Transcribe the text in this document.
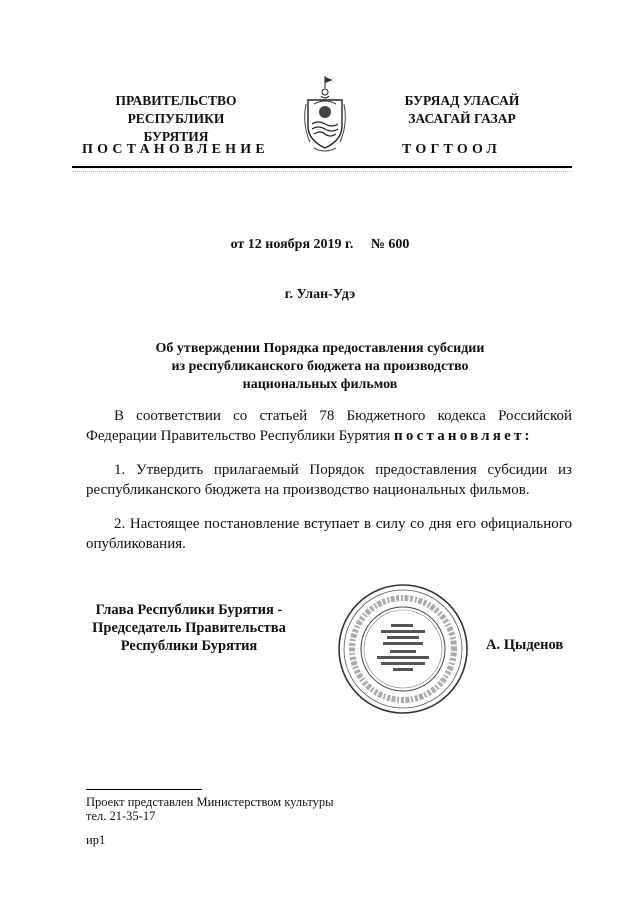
ПРАВИТЕЛЬСТВО
РЕСПУБЛИКИ БУРЯТИЯ
БУРЯАД УЛАСАЙ
ЗАСАГАЙ ГАЗАР
ПОСТАНОВЛЕНИЕ	ТОГТООЛ
от 12 ноября 2019 г.     № 600
г. Улан-Удэ
Об утверждении Порядка предоставления субсидии
из республиканского бюджета на производство
национальных фильмов
В соответствии со статьей 78 Бюджетного кодекса Российской Федерации Правительство Республики Бурятия постановляет:
1. Утвердить прилагаемый Порядок предоставления субсидии из республиканского бюджета на производство национальных фильмов.
2. Настоящее постановление вступает в силу со дня его официального опубликования.
Глава Республики Бурятия -
Председатель Правительства
Республики Бурятия	А. Цыденов
Проект представлен Министерством культуры
тел. 21-35-17
ир1
